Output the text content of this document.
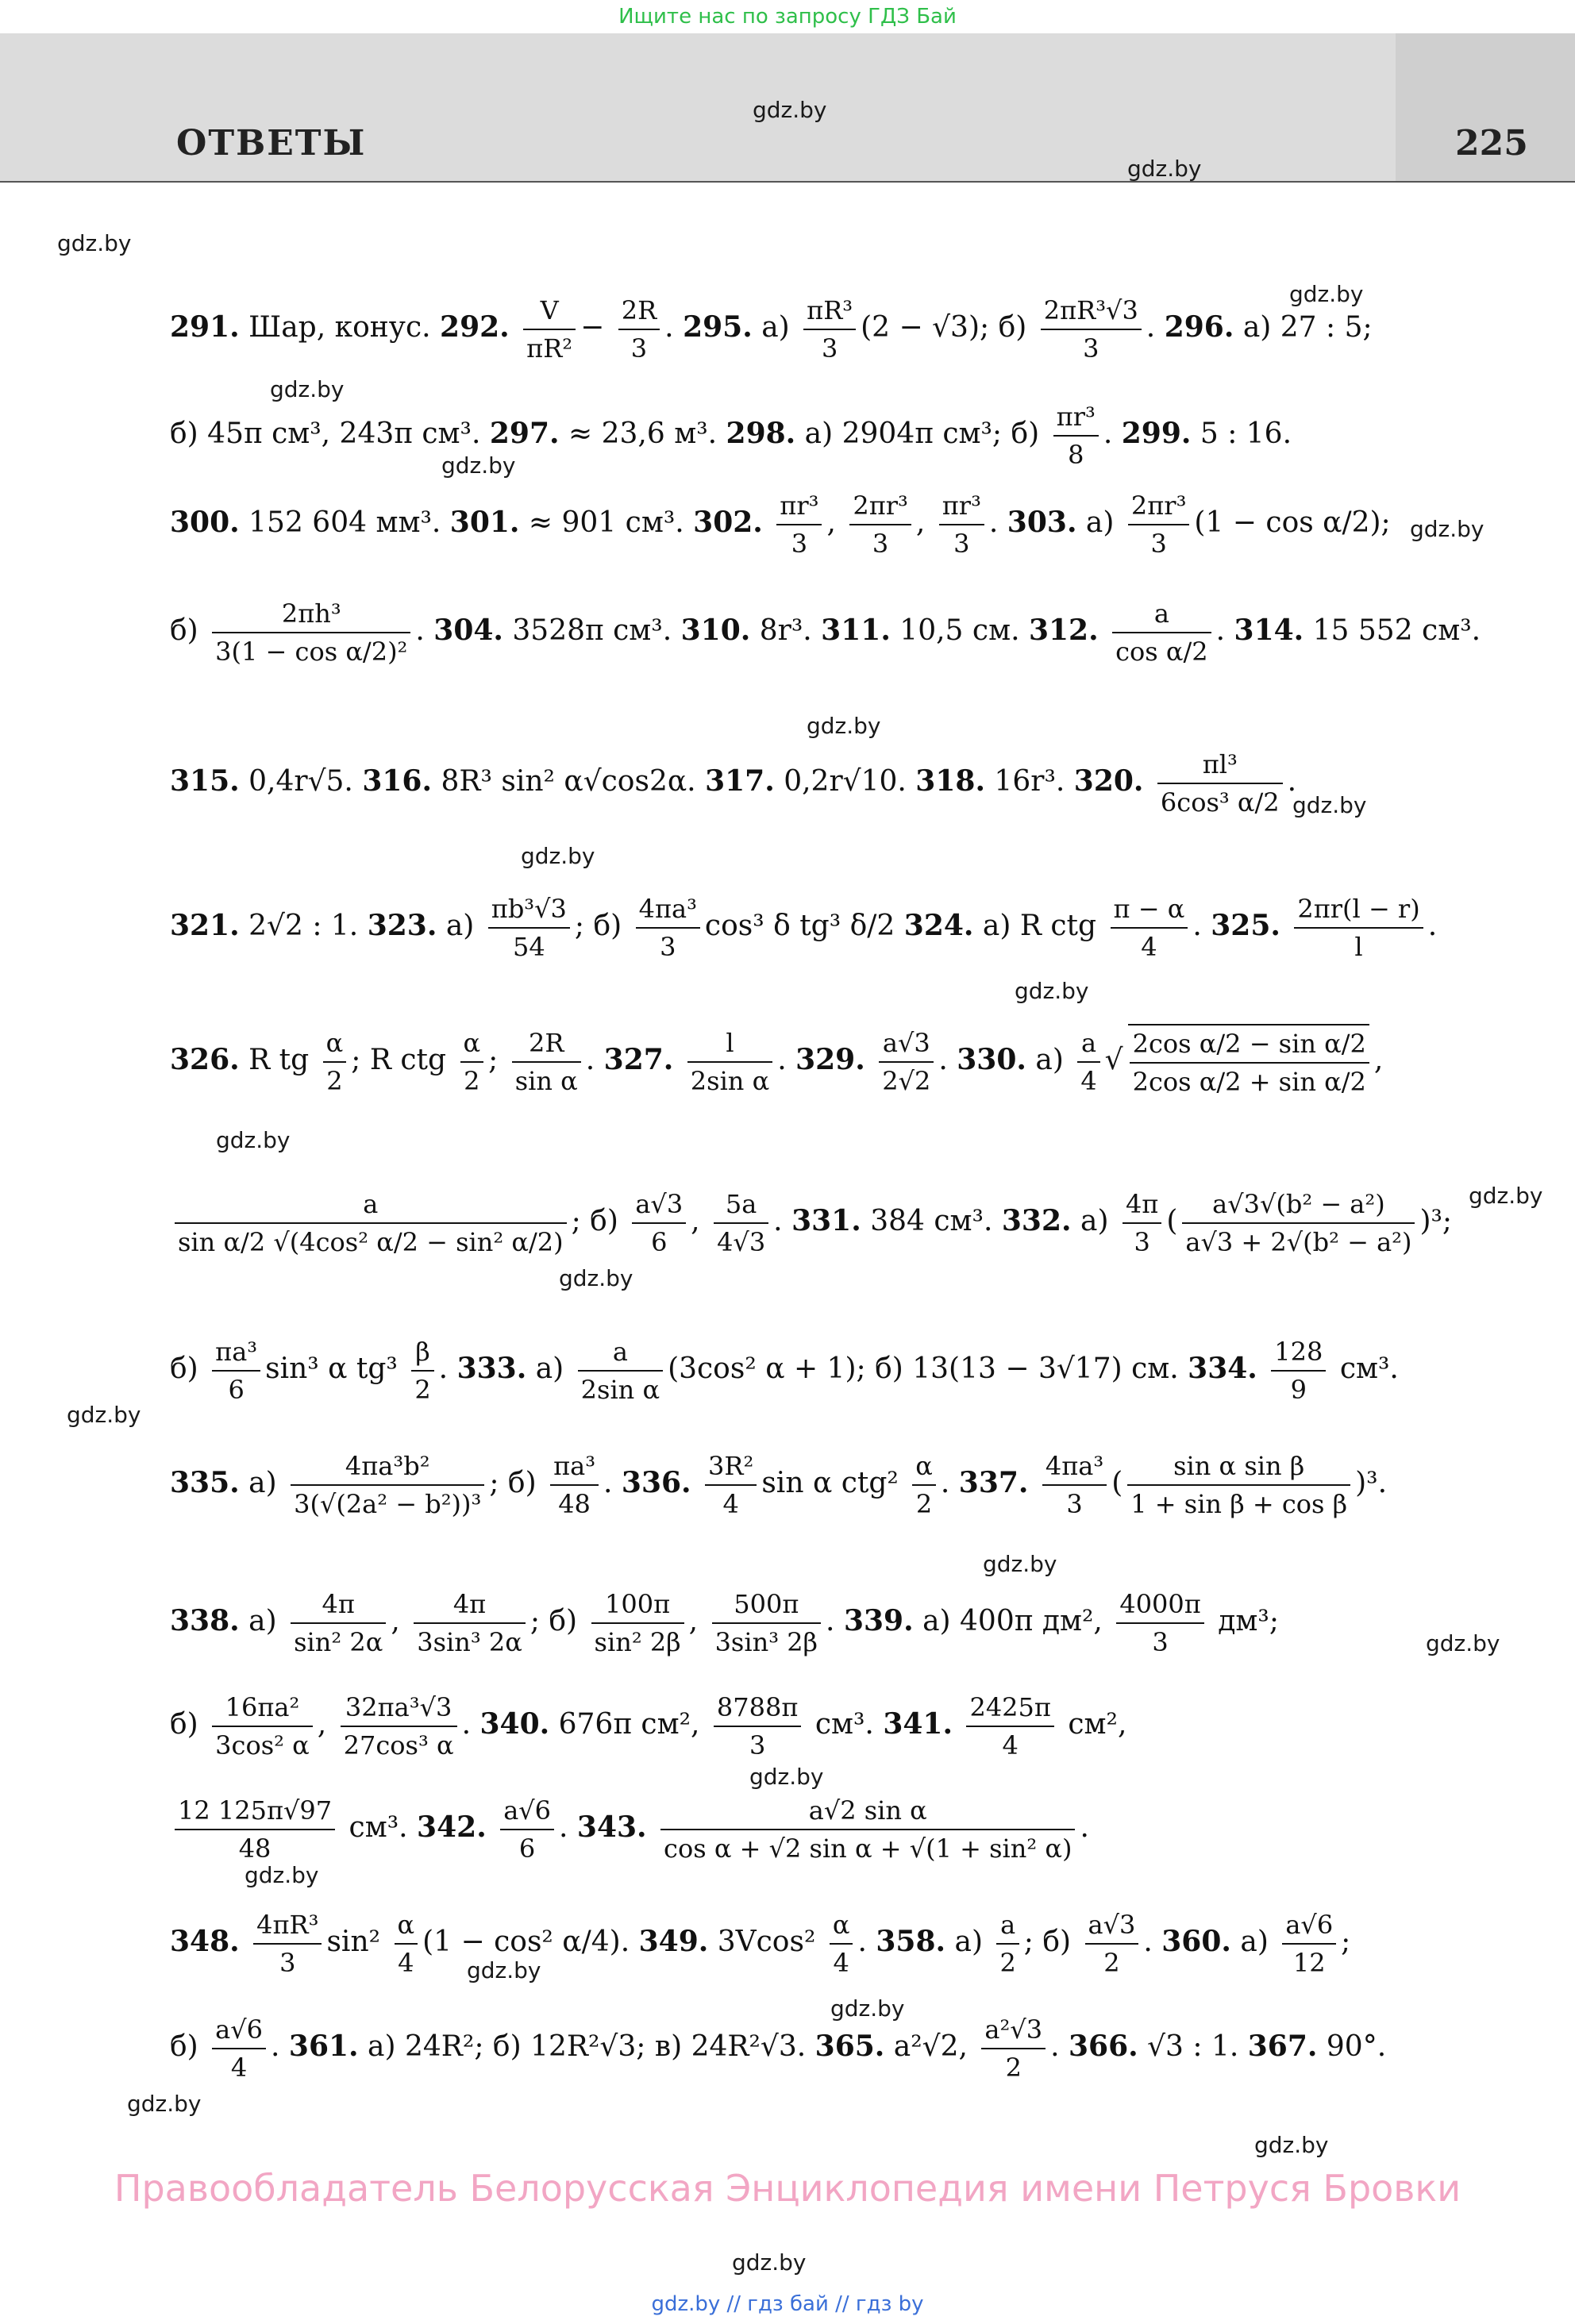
Ищите нас по запросу ГДЗ Бай
ОТВЕТЫ	225
gdz.by
gdz.by
gdz.by
gdz.by
gdz.by
gdz.by
gdz.by
gdz.by
gdz.by
gdz.by
gdz.by
gdz.by
gdz.by
gdz.by
gdz.by
gdz.by
gdz.by
gdz.by
gdz.by
gdz.by
gdz.by
gdz.by
gdz.by
gdz.by
291. Шар, конус. 292. $\frac{V}{\text{πR²}} - \frac{2R}{3}$ . 295. $а) \frac{\text{πR³}}{3} (2 - √3)$; $б) \frac{\text{2πR³√3}}{3}$ . 296. а) 27 : 5;
б) 45π см³, 243π см³. 297. ≈ 23,6 м³. 298. а) 2904π см³; $б) \frac{\text{πr³}}{8}$ . 299. 5 : 16.
300. 152 604 мм³. 301. ≈ 901 см³. 302. $\frac{\text{πr³}}{3}$ , $\frac{\text{2πr³}}{3}$ , $\frac{\text{πr³}}{3}$ . 303. $а) \frac{\text{2πr³}}{3} (1 - \cos \alpha/2)$;
$б) \frac{\text{2πh³}}{\text{3(1 − cos α/2)²}}$ . 304. 3528π см³. 310. 8r³. 311. 10,5 см. 312. $\frac{a}{\text{cos α/2}}$ . 314. 15 552 см³.
315. 0,4r√5. 316. 8R³ sin² α√cos2α. 317. 0,2r√10. 318. 16r³. 320. $\frac{\text{πl³}}{\text{6cos³ α/2}}$ .
321. 2√2 : 1. 323. $а) \frac{\text{πb³√3}}{54}$ ; $б) \frac{\text{4πa³}}{3} \cos^3$ δ tg³ δ/2 324. а) R ctg $\frac{\pi - \alpha}{4}$ . 325. $\frac{2\pi r(l - r)}{l}$ .
326. R tg $\frac{\alpha}{2}$ ; R ctg $\frac{\alpha}{2}$ ; $\frac{2R}{\text{sin α}}$ . 327. $\frac{l}{\text{2sin α}}$ . 329. $\frac{a√3}{2√2}$ . 330. $а) \frac{a}{4}$ √ $\frac{\text{2cos α/2 − sin α/2}}{\text{2cos α/2 + sin α/2}}$ ,
$\frac{a}{\text{sin α/2 √(4cos² α/2 − sin² α/2)}}$ ; $б) \frac{a√3}{6}$ , $\frac{5a}{4√3}$ . 331. 384 см³. 332. $а) \frac{4\pi}{3}$ ( $\frac{\text{a√3√(b² − a²)}}{\text{a√3 + 2√(b² − a²)}} )^3$;
$б) \frac{\text{πa³}}{6} \sin^3$ α $tg^3 \frac{\beta}{2}$ . 333. $а) \frac{a}{\text{2sin α}} (3\cos^2$ α + 1); б) 13(13 − 3√17) см. 334. $\frac{128}{9} см^3$.
335. $а) \frac{\text{4πa³b²}}{\text{3(√(2a² − b²))³}}$ ; $б) \frac{\text{πa³}}{48}$ . 336. $\frac{\text{3R²}}{4}$ sin α $ctg^2 \frac{\alpha}{2}$ . 337. $\frac{\text{4πa³}}{3}$ ( $\frac{\text{sin α sin β}}{\text{1 + sin β + cos β}} )^3$.
338. $а) \frac{4\pi}{\text{sin² 2α}}$ , $\frac{4\pi}{\text{3sin³ 2α}}$ ; $б) \frac{100\pi}{\text{sin² 2β}}$ , $\frac{500\pi}{\text{3sin³ 2β}}$ . 339. а) 400π дм², $\frac{4000\pi}{3} дм^3$;
$б) \frac{\text{16πa²}}{\text{3cos² α}}$ , $\frac{\text{32πa³√3}}{\text{27cos³ α}}$ . 340. 676π см², $\frac{8788\pi}{3} см^3$. 341. $\frac{2425\pi}{4} см^2$,
$\frac{12 125\pi√97}{48} см^3$. 342. $\frac{a√6}{6}$ . 343. $\frac{\text{a√2 sin α}}{\text{cos α + √2 sin α + √(1 + sin² α)}}$ .
348. $\frac{\text{4πR³}}{3} \sin^2 \frac{\alpha}{4} (1 - \cos^2$ α/4). 349. $3Vcos^2 \frac{\alpha}{4}$ . 358. $а) \frac{a}{2}$ ; $б) \frac{a√3}{2}$ . 360. $а) \frac{a√6}{12}$ ;
$б) \frac{a√6}{4}$ . 361. а) 24R²; б) 12R²√3; в) 24R²√3. 365. a²√2, $\frac{\text{a²√3}}{2}$ . 366. √3 : 1. 367. 90°.
Правообладатель Белорусская Энциклопедия имени Петруся Бровки
gdz.by // гдз бай // гдз by
